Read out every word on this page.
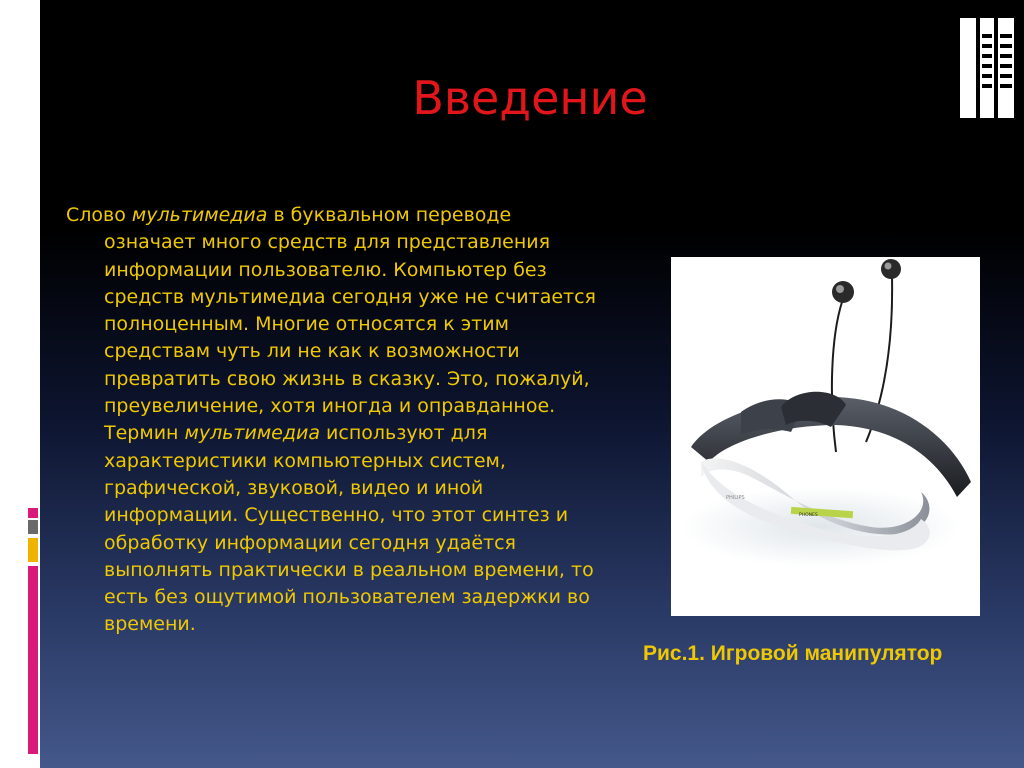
Введение
Слово мультимедиа в буквальном переводе
означает много средств для представления
информации пользователю. Компьютер без
средств мультимедиа сегодня уже не считается
полноценным. Многие относятся к этим
средствам чуть ли не как к возможности
превратить свою жизнь в сказку. Это, пожалуй,
преувеличение, хотя иногда и оправданное.
Термин мультимедиа используют для
характеристики компьютерных систем,
графической, звуковой, видео и иной
информации. Существенно, что этот синтез и
обработку информации сегодня удаётся
выполнять практически в реальном времени, то
есть без ощутимой пользователем задержки во
времени.
PHONES
PHILIPS

Рис.1. Игровой манипулятор
